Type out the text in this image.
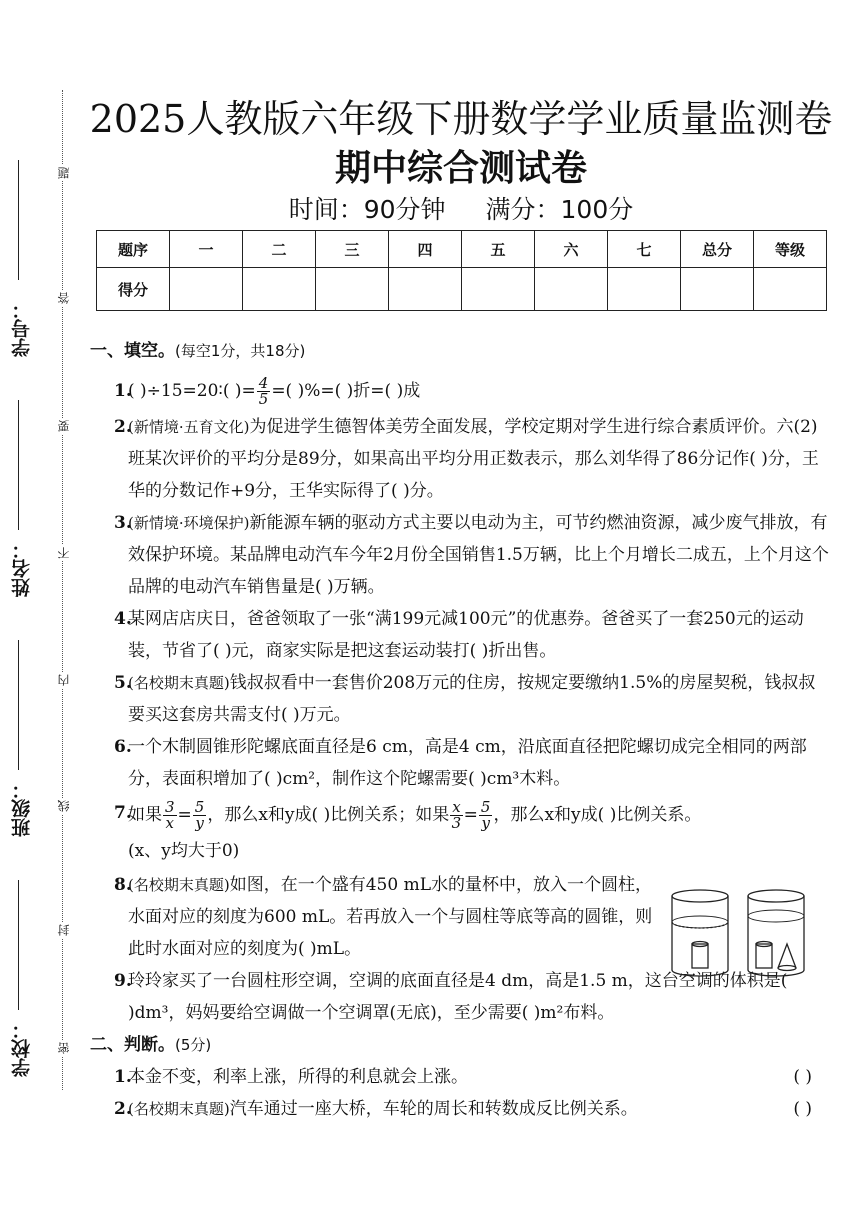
学号：
姓名：
班级：
学校：
题
答
要
不
内
线
封
密
2025人教版六年级下册数学学业质量监测卷
期中综合测试卷
时间：90分钟 满分：100分
题序	一	二	三	四	五	六	七	总分	等级
得分									
一、填空。(每空1分，共18分)
1.

( )÷15=20∶( )= $\frac{4}{5}$ =( )%=( )折=( )成

2.

(新情境·五育文化)为促进学生德智体美劳全面发展，学校定期对学生进行综合素质评价。六(2)班某次评价的平均分是89分，如果高出平均分用正数表示，那么刘华得了86分记作( )分，王华的分数记作+9分，王华实际得了( )分。

3.

(新情境·环境保护)新能源车辆的驱动方式主要以电动为主，可节约燃油资源，减少废气排放，有效保护环境。某品牌电动汽车今年2月份全国销售1.5万辆，比上个月增长二成五，上个月这个品牌的电动汽车销售量是( )万辆。

4.

某网店店庆日，爸爸领取了一张“满199元减100元”的优惠券。爸爸买了一套250元的运动装，节省了( )元，商家实际是把这套运动装打( )折出售。

5.

(名校期末真题)钱叔叔看中一套售价208万元的住房，按规定要缴纳1.5%的房屋契税，钱叔叔要买这套房共需支付( )万元。

6.

一个木制圆锥形陀螺底面直径是6 cm，高是4 cm，沿底面直径把陀螺切成完全相同的两部分，表面积增加了( )cm²，制作这个陀螺需要( )cm³木料。

7.

如果 $\frac{3}{x} = \frac{5}{y}$ ，那么x和y成( )比例关系；如果 $\frac{x}{3} = \frac{5}{y}$ ，那么x和y成( )比例关系。
(x、y均大于0)

8.

(名校期末真题)如图，在一个盛有450 mL水的量杯中，放入一个圆柱，水面对应的刻度为600 mL。若再放入一个与圆柱等底等高的圆锥，则此时水面对应的刻度为( )mL。

9.

玲玲家买了一台圆柱形空调，空调的底面直径是4 dm，高是1.5 m，这台空调的体积是( )dm³，妈妈要给空调做一个空调罩(无底)，至少需要( )m²布料。

二、判断。(5分)
1.

本金不变，利率上涨，所得的利息就会上涨。	( )

2.

(名校期末真题)汽车通过一座大桥，车轮的周长和转数成反比例关系。	( )
